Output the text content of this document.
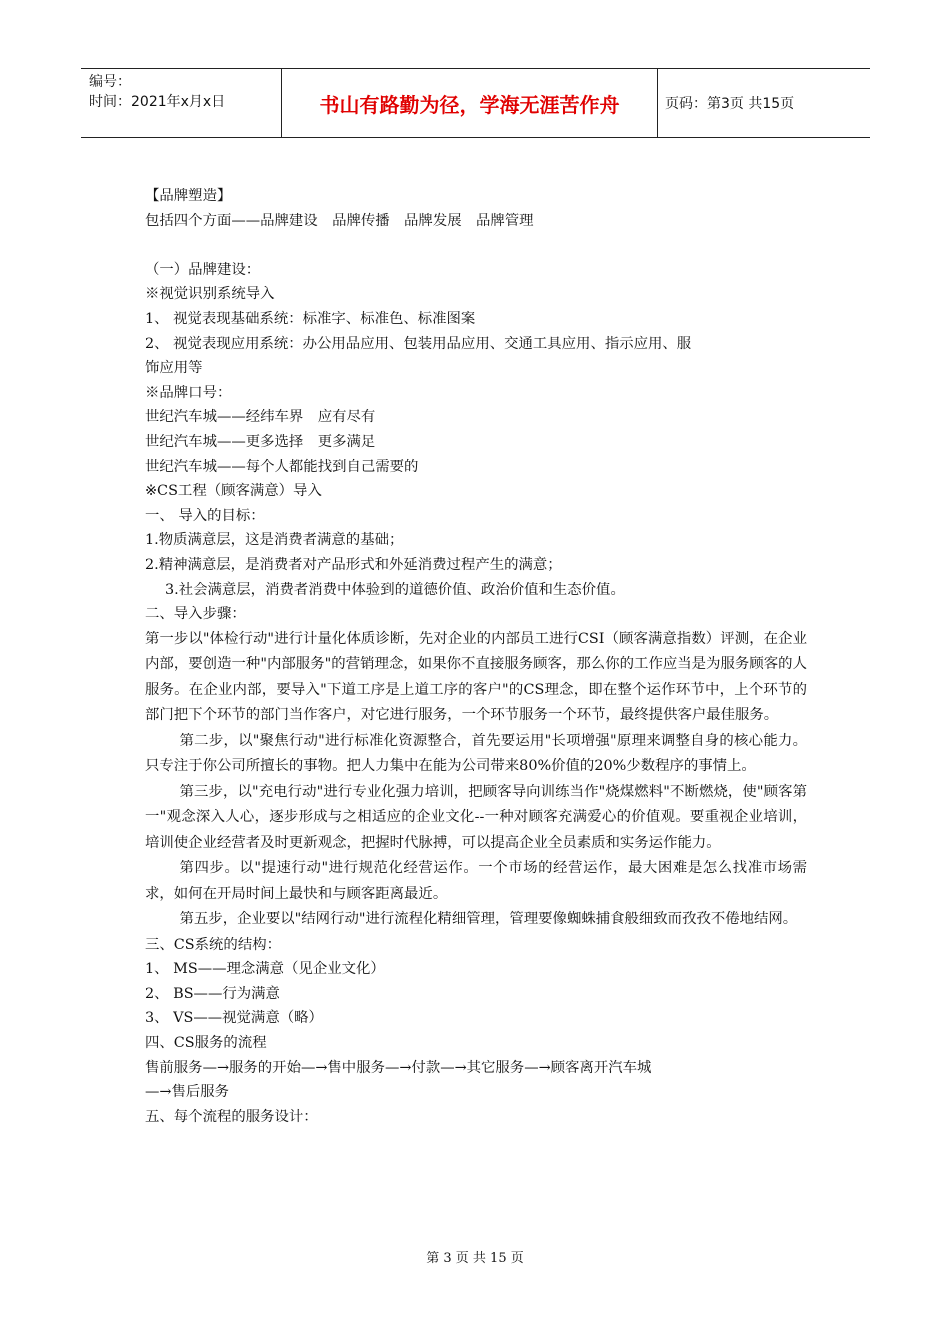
编号：
时间：2021年x月x日	书山有路勤为径，学海无涯苦作舟	页码：第3页 共15页
【品牌塑造】
包括四个方面——品牌建设　品牌传播　品牌发展　品牌管理
（一）品牌建设：
※视觉识别系统导入
1、 视觉表现基础系统：标准字、标准色、标准图案
2、 视觉表现应用系统：办公用品应用、包装用品应用、交通工具应用、指示应用、服
饰应用等
※品牌口号：
世纪汽车城——经纬车界　应有尽有
世纪汽车城——更多选择　更多满足
世纪汽车城——每个人都能找到自己需要的
※CS工程（顾客满意）导入
一、 导入的目标：
1.物质满意层，这是消费者满意的基础；
2.精神满意层，是消费者对产品形式和外延消费过程产生的满意；
3.社会满意层，消费者消费中体验到的道德价值、政治价值和生态价值。
二、导入步骤：
第一步以"体检行动"进行计量化体质诊断，先对企业的内部员工进行CSI（顾客满意指数）评测，在企业内部，要创造一种"内部服务"的营销理念，如果你不直接服务顾客，那么你的工作应当是为服务顾客的人服务。在企业内部，要导入"下道工序是上道工序的客户"的CS理念，即在整个运作环节中，上个环节的部门把下个环节的部门当作客户，对它进行服务，一个环节服务一个环节，最终提供客户最佳服务。
第二步，以"聚焦行动"进行标准化资源整合，首先要运用"长项增强"原理来调整自身的核心能力。只专注于你公司所擅长的事物。把人力集中在能为公司带来80%价值的20%少数程序的事情上。
第三步，以"充电行动"进行专业化强力培训，把顾客导向训练当作"烧煤燃料"不断燃烧，使"顾客第一"观念深入人心，逐步形成与之相适应的企业文化--一种对顾客充满爱心的价值观。要重视企业培训，培训使企业经营者及时更新观念，把握时代脉搏，可以提高企业全员素质和实务运作能力。
第四步。以"提速行动"进行规范化经营运作。一个市场的经营运作，最大困难是怎么找准市场需求，如何在开局时间上最快和与顾客距离最近。
第五步，企业要以"结网行动"进行流程化精细管理，管理要像蜘蛛捕食般细致而孜孜不倦地结网。
三、CS系统的结构：
1、 MS——理念满意（见企业文化）
2、 BS——行为满意
3、 VS——视觉满意（略）
四、CS服务的流程
售前服务—→服务的开始—→售中服务—→付款—→其它服务—→顾客离开汽车城
—→售后服务
五、每个流程的服务设计：
第 3 页 共 15 页
